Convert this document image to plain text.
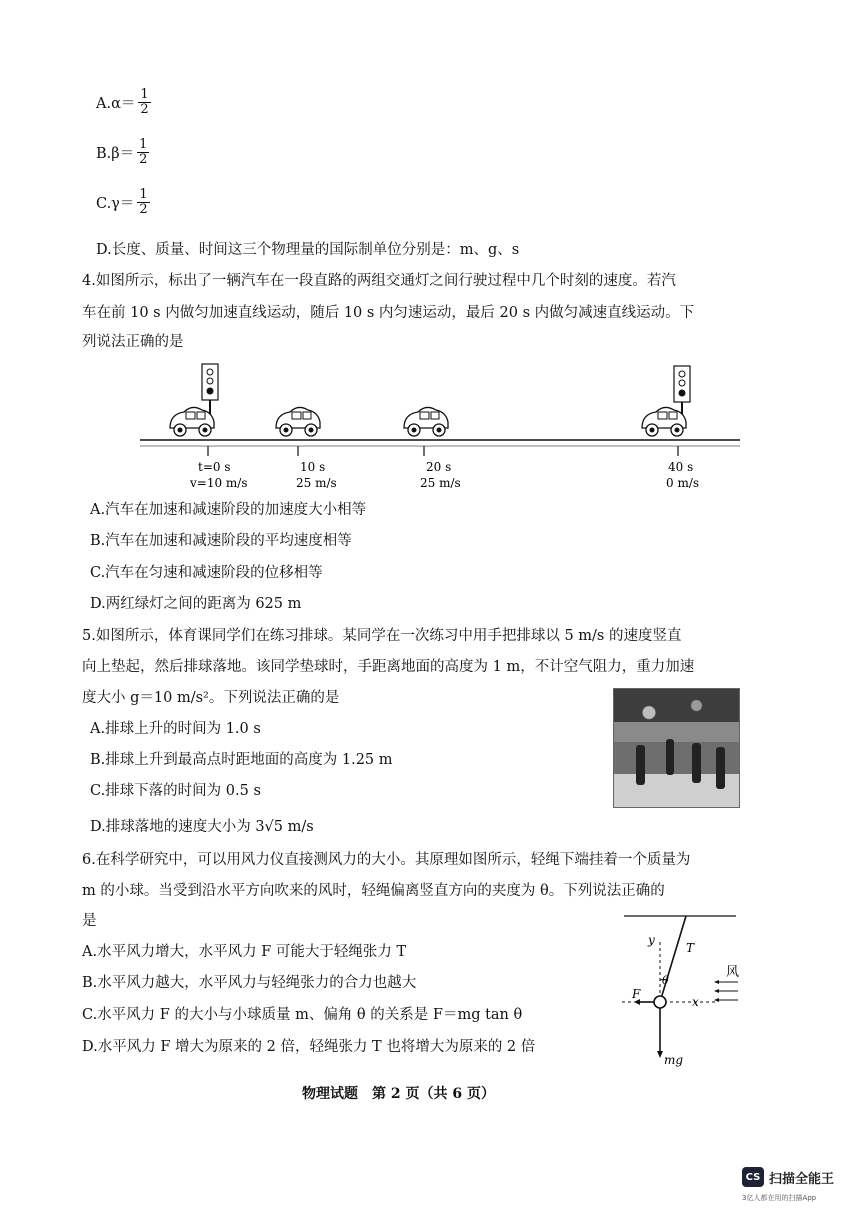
$A.\alpha= \frac{1}{2}$
$B.\beta= \frac{1}{2}$
$C.\gamma= \frac{1}{2}$
D.长度、质量、时间这三个物理量的国际制单位分别是：m、g、s
4.如图所示，标出了一辆汽车在一段直路的两组交通灯之间行驶过程中几个时刻的速度。若汽
车在前 10 s 内做匀加速直线运动，随后 10 s 内匀速运动，最后 20 s 内做匀减速直线运动。下
列说法正确的是
t=0 s
v=10 m/s
10 s
25 m/s
20 s
25 m/s
40 s
0 m/s
A.汽车在加速和减速阶段的加速度大小相等
B.汽车在加速和减速阶段的平均速度相等
C.汽车在匀速和减速阶段的位移相等
D.两红绿灯之间的距离为 625 m
5.如图所示，体育课同学们在练习排球。某同学在一次练习中用手把排球以 5 m/s 的速度竖直
向上垫起，然后排球落地。该同学垫球时，手距离地面的高度为 1 m，不计空气阻力，重力加速
度大小 g＝10 m/s²。下列说法正确的是
A.排球上升的时间为 1.0 s
B.排球上升到最高点时距地面的高度为 1.25 m
C.排球下落的时间为 0.5 s
D.排球落地的速度大小为 3√5 m/s
6.在科学研究中，可以用风力仪直接测风力的大小。其原理如图所示，轻绳下端挂着一个质量为
m 的小球。当受到沿水平方向吹来的风时，轻绳偏离竖直方向的夹度为 θ。下列说法正确的
是
A.水平风力增大，水平风力 F 可能大于轻绳张力 T
B.水平风力越大，水平风力与轻绳张力的合力也越大
C.水平风力 F 的大小与小球质量 m、偏角 θ 的关系是 F＝mg tan θ
D.水平风力 F 增大为原来的 2 倍，轻绳张力 T 也将增大为原来的 2 倍
y
T
θ
F
x
风
mg
物理试题　第 2 页（共 6 页）
CS 扫描全能王
3亿人都在用的扫描App
